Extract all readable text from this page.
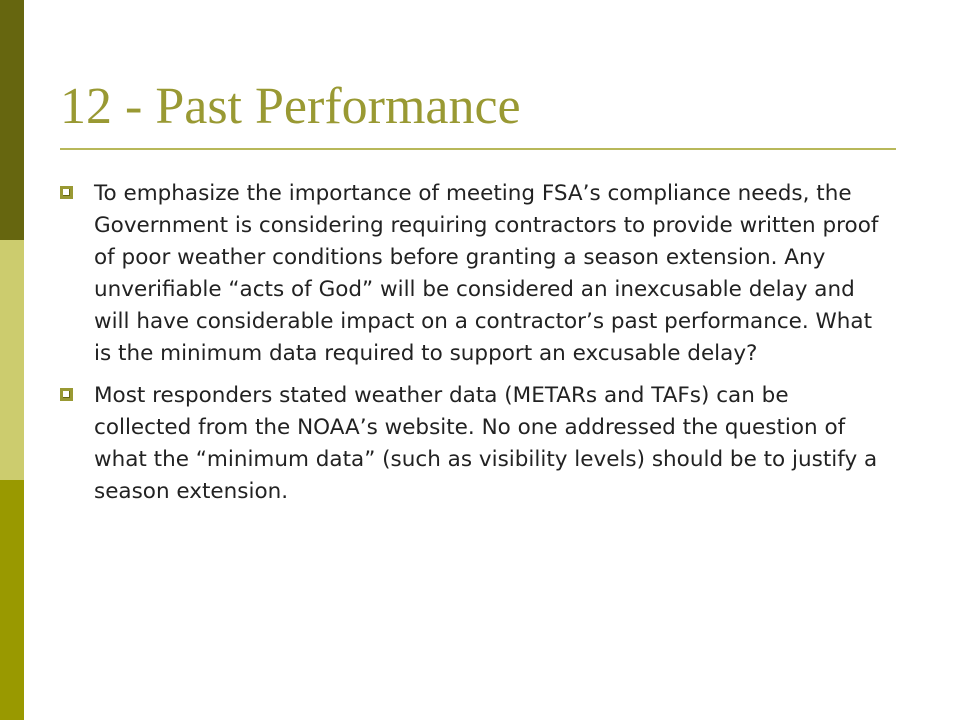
12 - Past Performance
To emphasize the importance of meeting FSA’s compliance needs, the Government is considering requiring contractors to provide written proof of poor weather conditions before granting a season extension. Any unverifiable “acts of God” will be considered an inexcusable delay and will have considerable impact on a contractor’s past performance. What is the minimum data required to support an excusable delay?
Most responders stated weather data (METARs and TAFs) can be collected from the NOAA’s website. No one addressed the question of what the “minimum data” (such as visibility levels) should be to justify a season extension.
